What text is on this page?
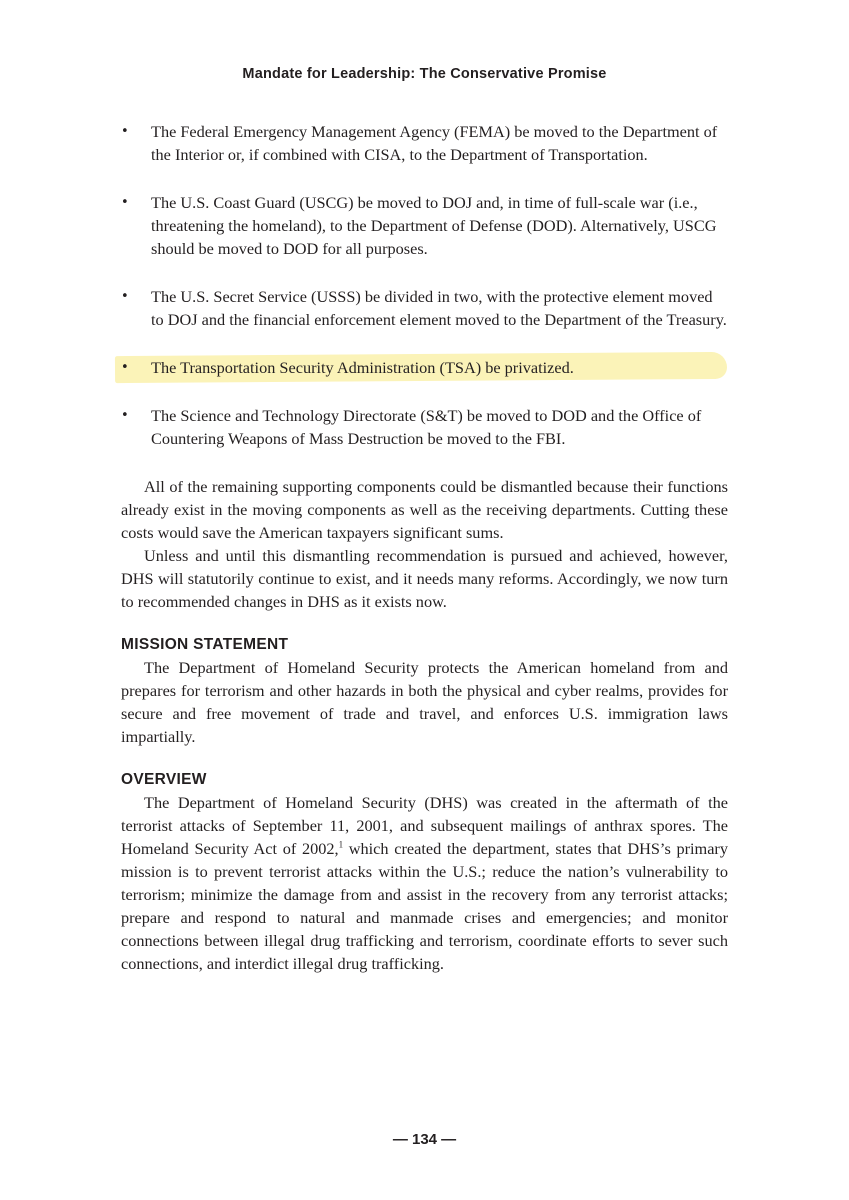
Mandate for Leadership: The Conservative Promise
• The Federal Emergency Management Agency (FEMA) be moved to the Department of the Interior or, if combined with CISA, to the Department of Transportation.
• The U.S. Coast Guard (USCG) be moved to DOJ and, in time of full-scale war (i.e., threatening the homeland), to the Department of Defense (DOD). Alternatively, USCG should be moved to DOD for all purposes.
• The U.S. Secret Service (USSS) be divided in two, with the protective element moved to DOJ and the financial enforcement element moved to the Department of the Treasury.
• The Transportation Security Administration (TSA) be privatized.
• The Science and Technology Directorate (S&T) be moved to DOD and the Office of Countering Weapons of Mass Destruction be moved to the FBI.

All of the remaining supporting components could be dismantled because their functions already exist in the moving components as well as the receiving departments. Cutting these costs would save the American taxpayers significant sums.

Unless and until this dismantling recommendation is pursued and achieved, however, DHS will statutorily continue to exist, and it needs many reforms. Accordingly, we now turn to recommended changes in DHS as it exists now.

MISSION STATEMENT

The Department of Homeland Security protects the American homeland from and prepares for terrorism and other hazards in both the physical and cyber realms, provides for secure and free movement of trade and travel, and enforces U.S. immigration laws impartially.

OVERVIEW

The Department of Homeland Security (DHS) was created in the aftermath of the terrorist attacks of September 11, 2001, and subsequent mailings of anthrax spores. The Homeland Security Act of 2002,$^1$ which created the department, states that DHS’s primary mission is to prevent terrorist attacks within the U.S.; reduce the nation’s vulnerability to terrorism; minimize the damage from and assist in the recovery from any terrorist attacks; prepare and respond to natural and manmade crises and emergencies; and monitor connections between illegal drug trafficking and terrorism, coordinate efforts to sever such connections, and interdict illegal drug trafficking.

— 134 —
